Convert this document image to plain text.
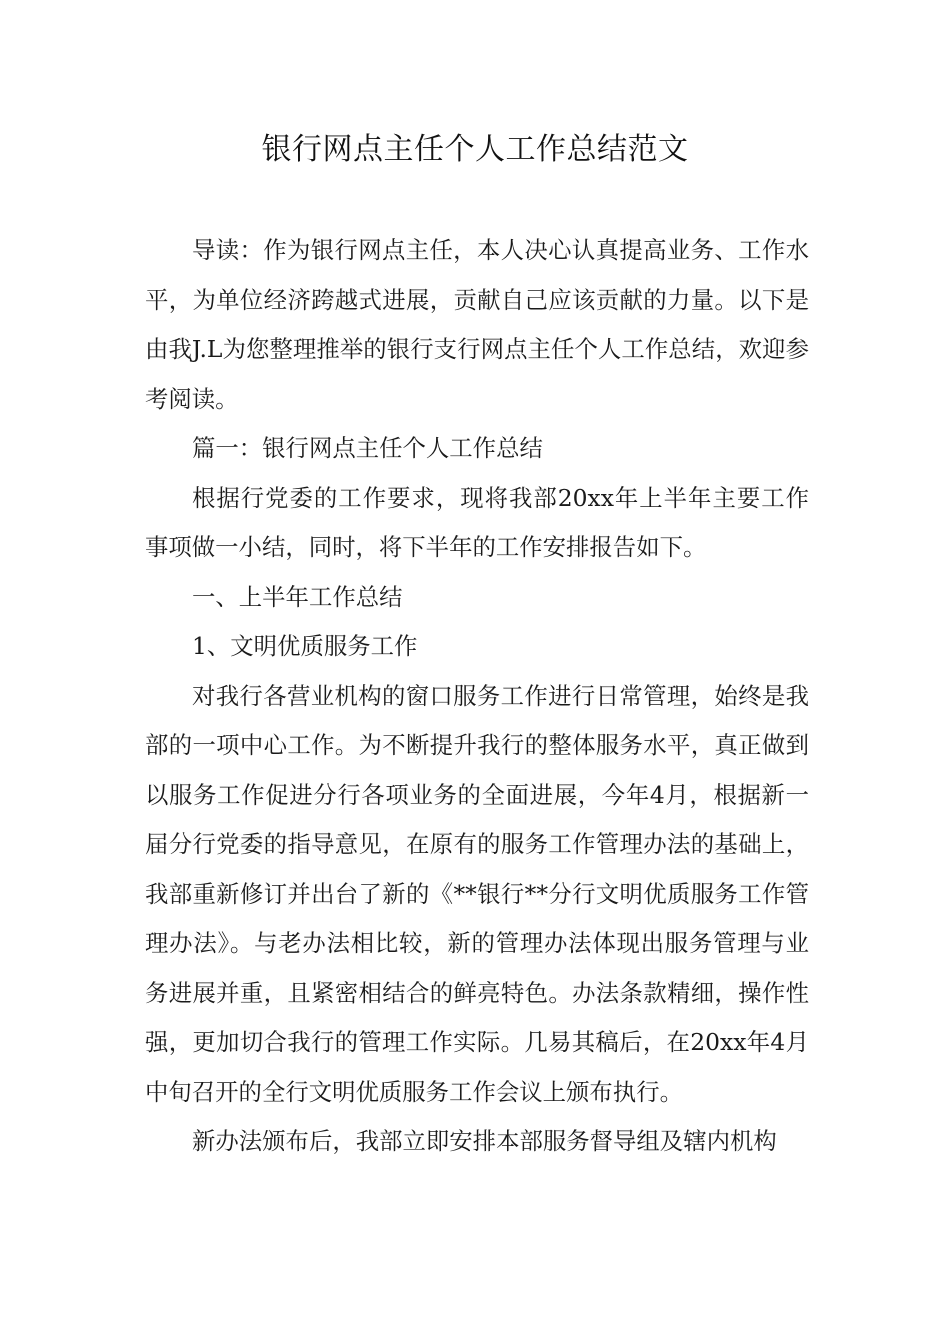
银行网点主任个人工作总结范文

导读：作为银行网点主任，本人决心认真提高业务、工作水平，为单位经济跨越式进展，贡献自己应该贡献的力量。以下是由我J.L为您整理推举的银行支行网点主任个人工作总结，欢迎参考阅读。

篇一：银行网点主任个人工作总结

根据行党委的工作要求，现将我部20xx年上半年主要工作事项做一小结，同时，将下半年的工作安排报告如下。

一、上半年工作总结

1、文明优质服务工作

对我行各营业机构的窗口服务工作进行日常管理，始终是我部的一项中心工作。为不断提升我行的整体服务水平，真正做到以服务工作促进分行各项业务的全面进展，今年4月，根据新一届分行党委的指导意见，在原有的服务工作管理办法的基础上，我部重新修订并出台了新的《**银行**分行文明优质服务工作管理办法》。与老办法相比较，新的管理办法体现出服务管理与业务进展并重，且紧密相结合的鲜亮特色。办法条款精细，操作性强，更加切合我行的管理工作实际。几易其稿后，在20xx年4月中旬召开的全行文明优质服务工作会议上颁布执行。

新办法颁布后，我部立即安排本部服务督导组及辖内机构
